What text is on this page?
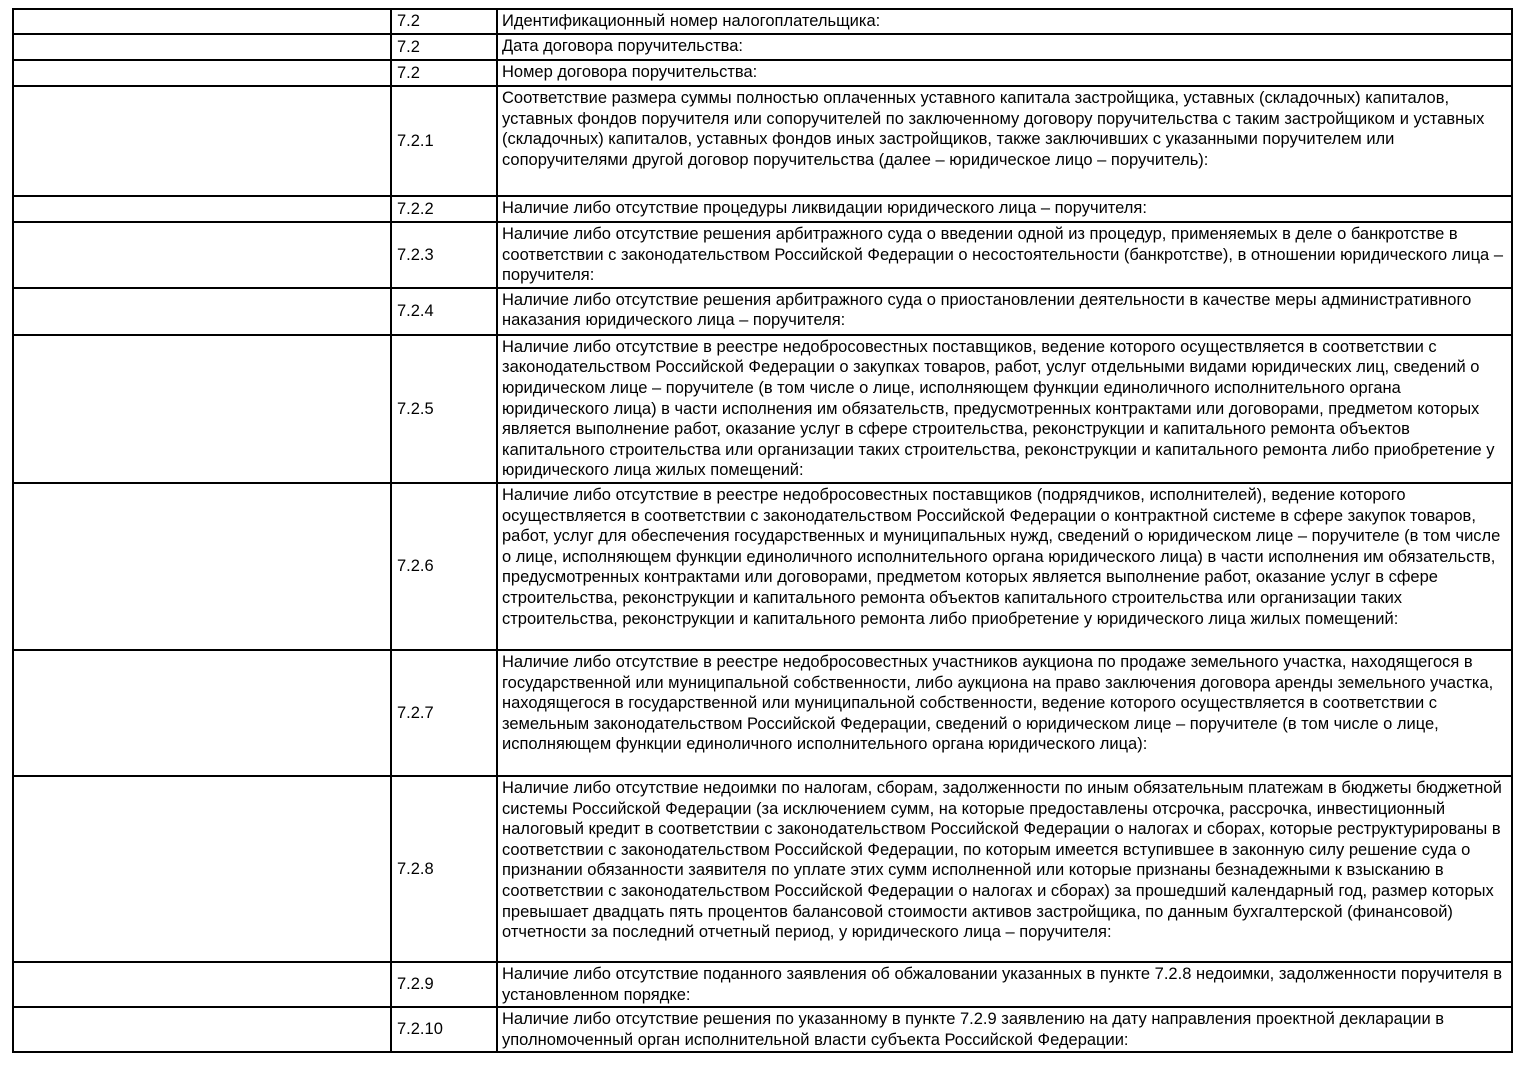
	7.2	Идентификационный номер налогоплательщика:
	7.2	Дата договора поручительства:
	7.2	Номер договора поручительства:
	7.2.1	Соответствие размера суммы полностью оплаченных уставного капитала застройщика, уставных (складочных) капиталов, уставных фондов поручителя или сопоручителей по заключенному договору поручительства с таким застройщиком и уставных (складочных) капиталов, уставных фондов иных застройщиков, также заключивших с указанными поручителем или сопоручителями другой договор поручительства (далее – юридическое лицо – поручитель):
	7.2.2	Наличие либо отсутствие процедуры ликвидации юридического лица – поручителя:
	7.2.3	Наличие либо отсутствие решения арбитражного суда о введении одной из процедур, применяемых в деле о банкротстве в соответствии с законодательством Российской Федерации о несостоятельности (банкротстве), в отношении юридического лица – поручителя:
	7.2.4	Наличие либо отсутствие решения арбитражного суда о приостановлении деятельности в качестве меры административного наказания юридического лица – поручителя:
	7.2.5	Наличие либо отсутствие в реестре недобросовестных поставщиков, ведение которого осуществляется в соответствии с законодательством Российской Федерации о закупках товаров, работ, услуг отдельными видами юридических лиц, сведений о юридическом лице – поручителе (в том числе о лице, исполняющем функции единоличного исполнительного органа юридического лица) в части исполнения им обязательств, предусмотренных контрактами или договорами, предметом которых является выполнение работ, оказание услуг в сфере строительства, реконструкции и капитального ремонта объектов капитального строительства или организации таких строительства, реконструкции и капитального ремонта либо приобретение у юридического лица жилых помещений:
	7.2.6	Наличие либо отсутствие в реестре недобросовестных поставщиков (подрядчиков, исполнителей), ведение которого осуществляется в соответствии с законодательством Российской Федерации о контрактной системе в сфере закупок товаров, работ, услуг для обеспечения государственных и муниципальных нужд, сведений о юридическом лице – поручителе (в том числе о лице, исполняющем функции единоличного исполнительного органа юридического лица) в части исполнения им обязательств, предусмотренных контрактами или договорами, предметом которых является выполнение работ, оказание услуг в сфере строительства, реконструкции и капитального ремонта объектов капитального строительства или организации таких строительства, реконструкции и капитального ремонта либо приобретение у юридического лица жилых помещений:
	7.2.7	Наличие либо отсутствие в реестре недобросовестных участников аукциона по продаже земельного участка, находящегося в государственной или муниципальной собственности, либо аукциона на право заключения договора аренды земельного участка, находящегося в государственной или муниципальной собственности, ведение которого осуществляется в соответствии с земельным законодательством Российской Федерации, сведений о юридическом лице – поручителе (в том числе о лице, исполняющем функции единоличного исполнительного органа юридического лица):
	7.2.8	Наличие либо отсутствие недоимки по налогам, сборам, задолженности по иным обязательным платежам в бюджеты бюджетной системы Российской Федерации (за исключением сумм, на которые предоставлены отсрочка, рассрочка, инвестиционный налоговый кредит в соответствии с законодательством Российской Федерации о налогах и сборах, которые реструктурированы в соответствии с законодательством Российской Федерации, по которым имеется вступившее в законную силу решение суда о признании обязанности заявителя по уплате этих сумм исполненной или которые признаны безнадежными к взысканию в соответствии с законодательством Российской Федерации о налогах и сборах) за прошедший календарный год, размер которых превышает двадцать пять процентов балансовой стоимости активов застройщика, по данным бухгалтерской (финансовой) отчетности за последний отчетный период, у юридического лица – поручителя:
	7.2.9	Наличие либо отсутствие поданного заявления об обжаловании указанных в пункте 7.2.8 недоимки, задолженности поручителя в установленном порядке:
	7.2.10	Наличие либо отсутствие решения по указанному в пункте 7.2.9 заявлению на дату направления проектной декларации в уполномоченный орган исполнительной власти субъекта Российской Федерации:
